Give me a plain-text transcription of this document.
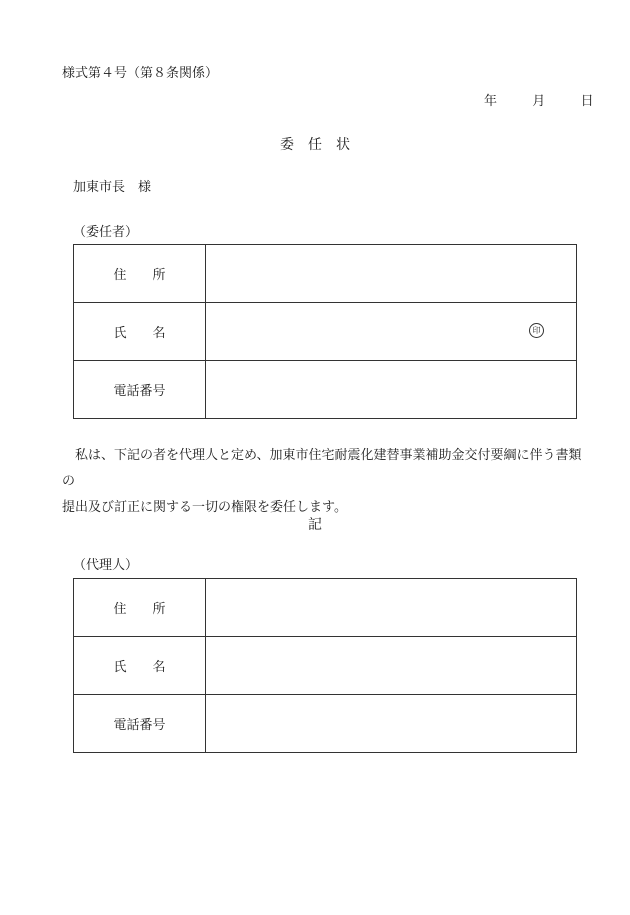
様式第４号（第８条関係）
年	月	日
委　任　状
加東市長　様
（委任者）
住　　所	
氏　　名	印

電話番号	
私は、下記の者を代理人と定め、加東市住宅耐震化建替事業補助金交付要綱に伴う書類の
提出及び訂正に関する一切の権限を委任します。
記
（代理人）
住　　所	
氏　　名	
電話番号	
